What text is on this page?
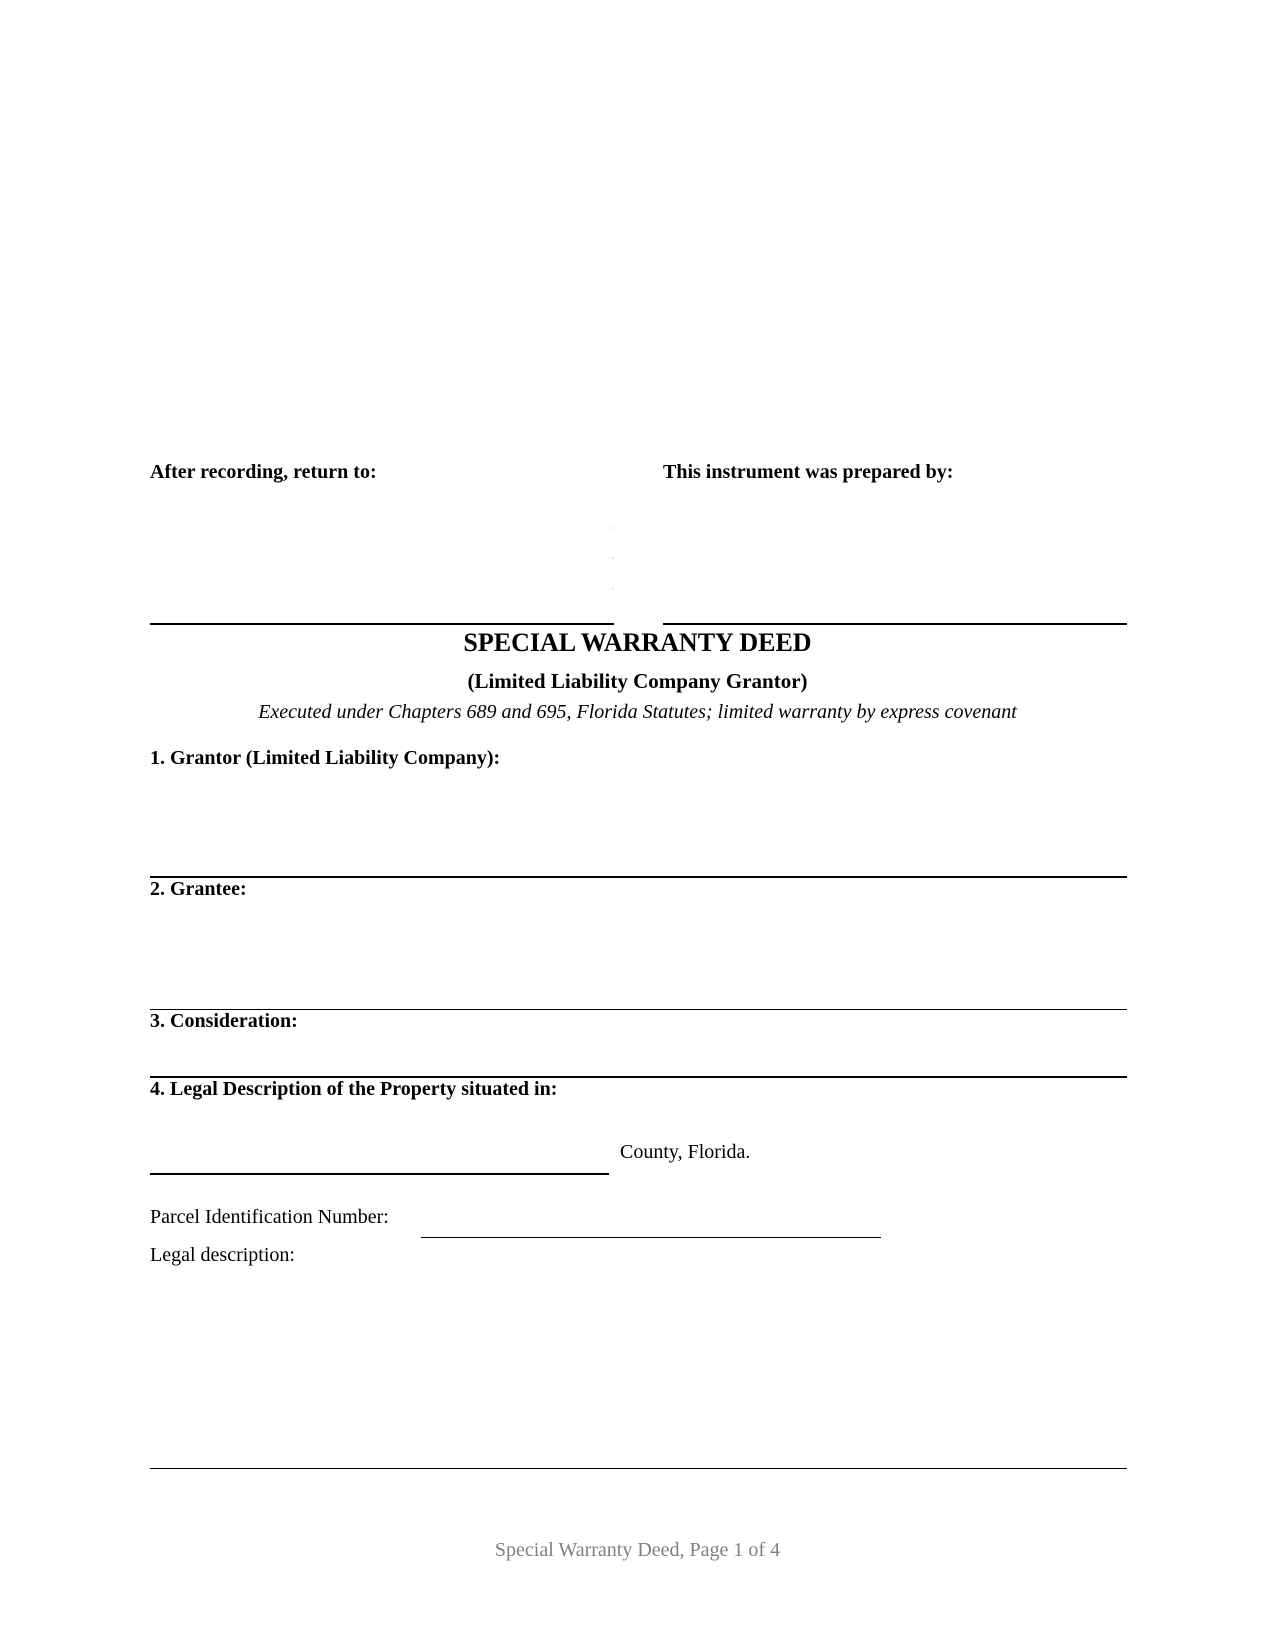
After recording, return to:	This instrument was prepared by:
SPECIAL WARRANTY DEED
(Limited Liability Company Grantor)
Executed under Chapters 689 and 695, Florida Statutes; limited warranty by express covenant
1. Grantor (Limited Liability Company):
2. Grantee:
3. Consideration:
4. Legal Description of the Property situated in:
County, Florida.
Parcel Identification Number:
Legal description:
Special Warranty Deed, Page 1 of 4
